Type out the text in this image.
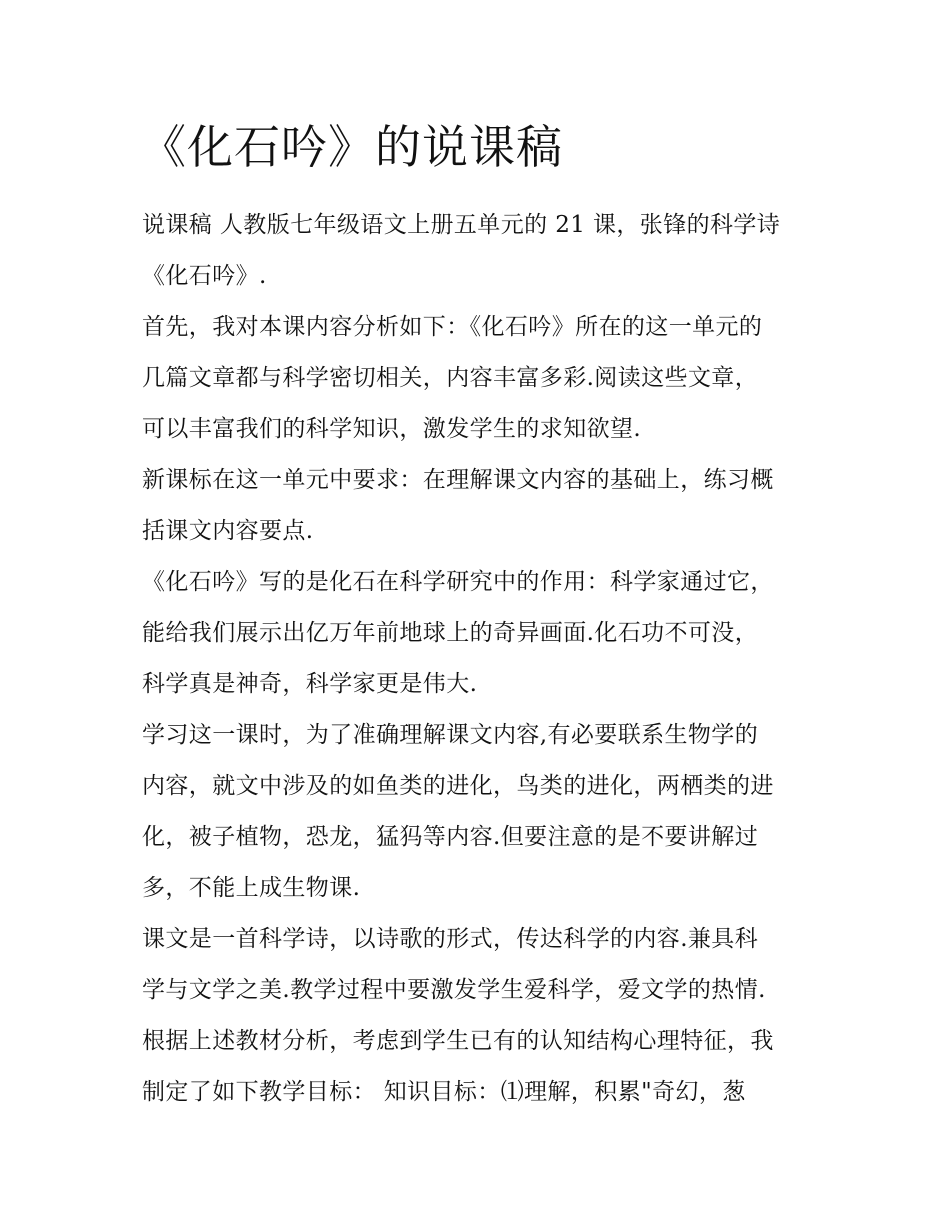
《化石吟》的说课稿
说课稿 人教版七年级语文上册五单元的 21 课，张锋的科学诗
《化石吟》.
首先，我对本课内容分析如下：《化石吟》所在的这一单元的
几篇文章都与科学密切相关，内容丰富多彩.阅读这些文章，
可以丰富我们的科学知识，激发学生的求知欲望.
新课标在这一单元中要求：在理解课文内容的基础上，练习概
括课文内容要点.
《化石吟》写的是化石在科学研究中的作用：科学家通过它，
能给我们展示出亿万年前地球上的奇异画面.化石功不可没，
科学真是神奇，科学家更是伟大.
学习这一课时，为了准确理解课文内容,有必要联系生物学的
内容，就文中涉及的如鱼类的进化，鸟类的进化，两栖类的进
化，被子植物，恐龙，猛犸等内容.但要注意的是不要讲解过
多，不能上成生物课.
课文是一首科学诗，以诗歌的形式，传达科学的内容.兼具科
学与文学之美.教学过程中要激发学生爱科学，爱文学的热情.
根据上述教材分析，考虑到学生已有的认知结构心理特征，我
制定了如下教学目标： 知识目标：⑴理解，积累"奇幻，葱
